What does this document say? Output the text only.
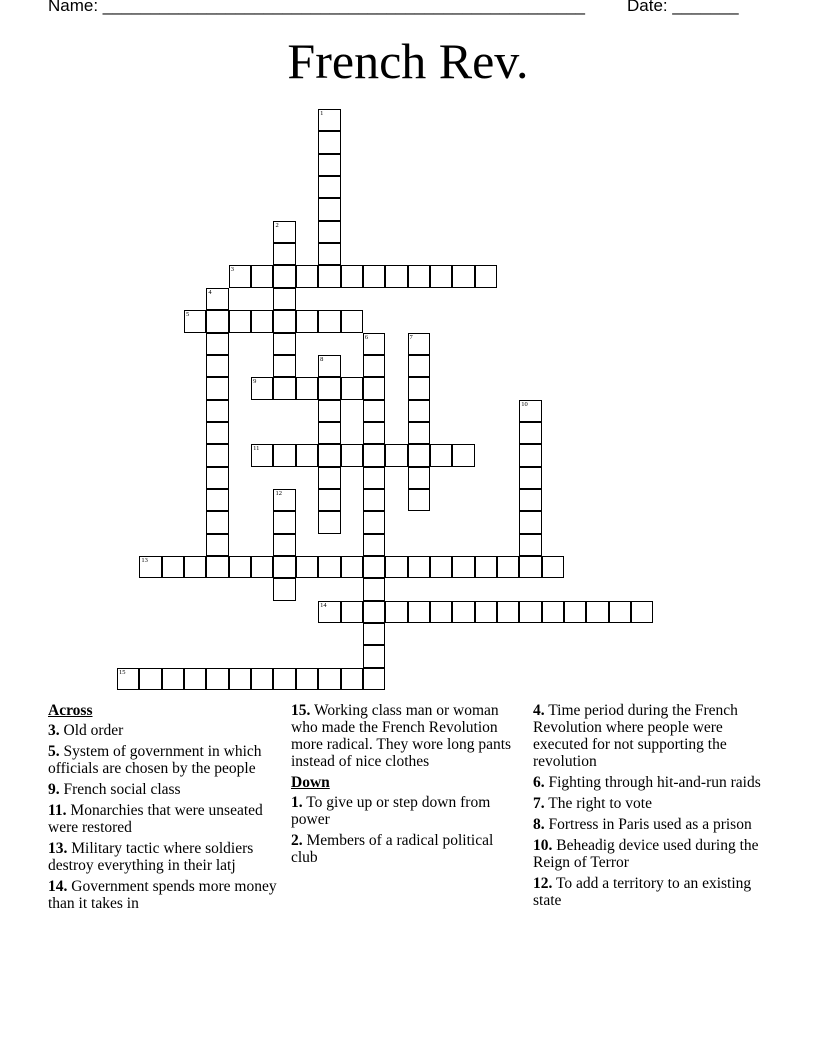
Name: ___________________________________________________ Date: _______
French Rev.
1
2
3
4
5
6	7
8
9
10
11
12
13
14
15
Across
3. Old order
5. System of government in which officials are chosen by the people
9. French social class
11. Monarchies that were unseated were restored
13. Military tactic where soldiers destroy everything in their latj
14. Government spends more money than it takes in
15. Working class man or woman who made the French Revolution more radical. They wore long pants instead of nice clothes
Down
1. To give up or step down from power
2. Members of a radical political club
4. Time period during the French Revolution where people were executed for not supporting the revolution
6. Fighting through hit-and-run raids
7. The right to vote
8. Fortress in Paris used as a prison
10. Beheadig device used during the Reign of Terror
12. To add a territory to an existing state
